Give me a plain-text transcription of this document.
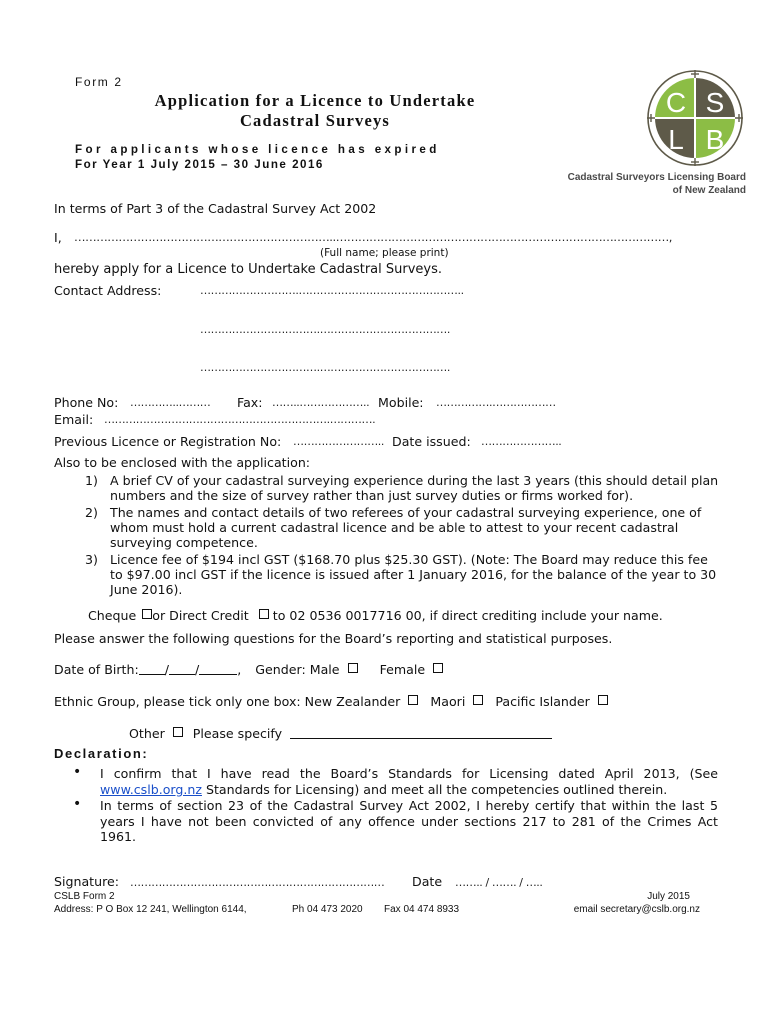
Form 2
Application for a Licence to Undertake
Cadastral Surveys
For applicants whose licence has expired
For Year 1 July 2015 – 30 June 2016
C S
L B
Cadastral Surveyors Licensing Board
of New Zealand
In terms of Part 3 of the Cadastral Survey Act 2002
I, ……………………………………………………………..………………………………………………………………………………,
(Full name; please print)
hereby apply for a Licence to Undertake Cadastral Surveys.
Contact Address:	……………………….………………………………………..
…………………………….……………………………….
…………………………….……………………………….
Phone No: …………..……… Fax: ……..……………….. Mobile: …………….………………
Email: ……………………………………………………….………….
Previous Licence or Registration No: …………………….. Date issued: …………………..
Also to be enclosed with the application:
1) A brief CV of your cadastral surveying experience during the last 3 years (this should detail plan numbers and the size of survey rather than just survey duties or firms worked for).
2) The names and contact details of two referees of your cadastral surveying experience, one of whom must hold a current cadastral licence and be able to attest to your recent cadastral surveying competence.
3) Licence fee of $194 incl GST ($168.70 plus $25.30 GST). (Note: The Board may reduce this fee to $97.00 incl GST if the licence is issued after 1 January 2016, for the balance of the year to 30 June 2016).
Cheque or Direct Credit to 02 0536 0017716 00, if direct crediting include your name.
Please answer the following questions for the Board’s reporting and statistical purposes.
Date of Birth: / /	, Gender: Male	Female
Ethnic Group, please tick only one box: New Zealander Maori Pacific Islander
Other Please specify
Declaration:
• I confirm that I have read the Board’s Standards for Licensing dated April 2013, (See www.cslb.org.nz Standards for Licensing) and meet all the competencies outlined therein.
• In terms of section 23 of the Cadastral Survey Act 2002, I hereby certify that within the last 5 years I have not been convicted of any offence under sections 217 to 281 of the Crimes Act 1961.
Signature: ……………………………………………………………… Date …….. / ……. / …..
CSLB Form 2	July 2015
Address: P O Box 12 241, Wellington 6144,	Ph 04 473 2020 Fax 04 474 8933	email secretary@cslb.org.nz
